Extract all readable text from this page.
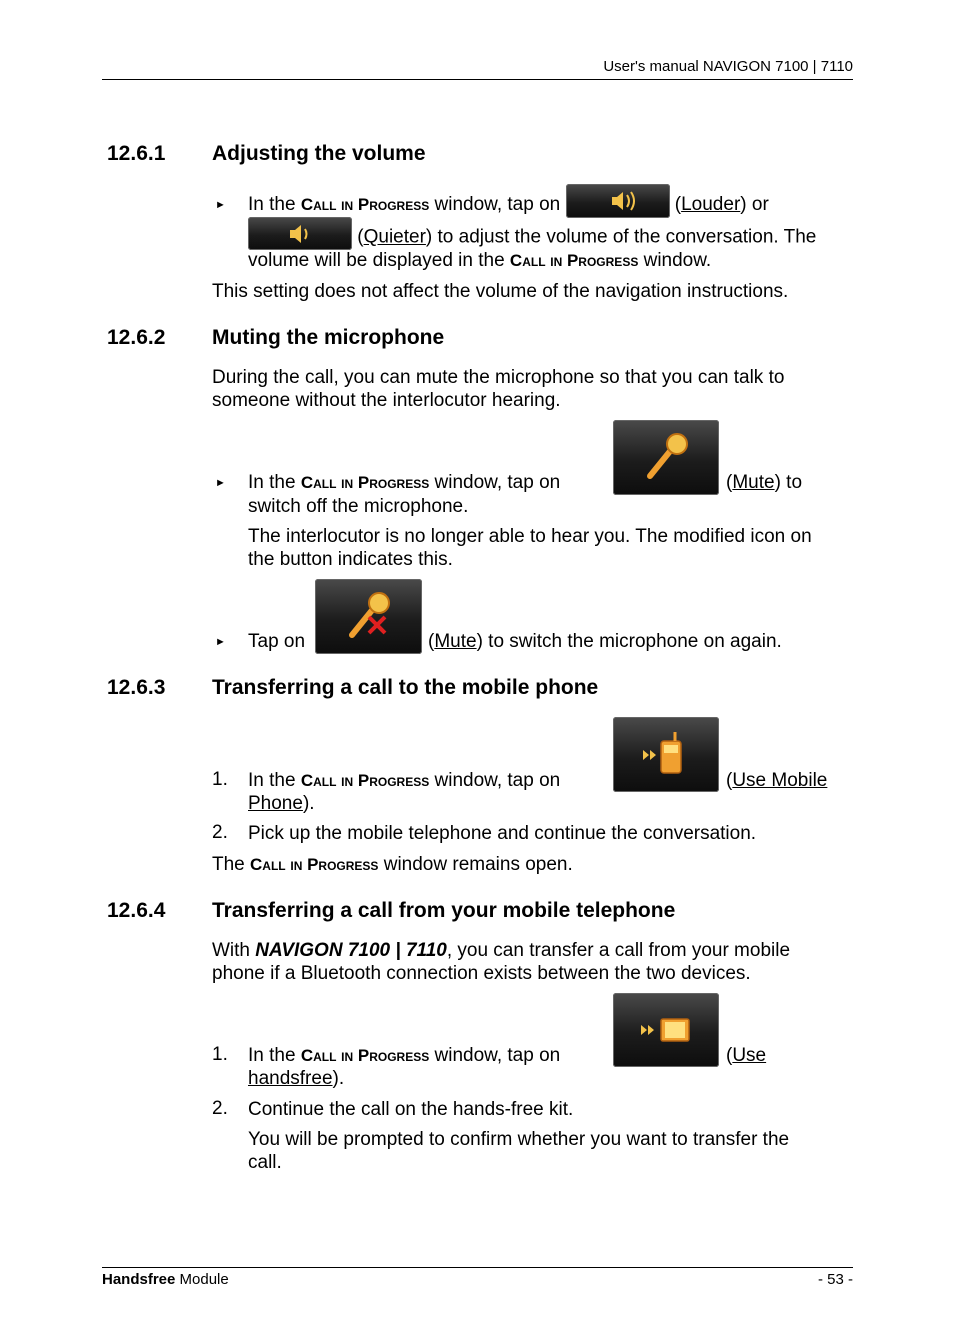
User's manual NAVIGON 7100 | 7110
12.6.1 Adjusting the volume
► In the Call in Progress window, tap on	(Louder) or
(Quieter) to adjust the volume of the conversation. The
volume will be displayed in the Call in Progress window.
This setting does not affect the volume of the navigation instructions.
12.6.2 Muting the microphone
During the call, you can mute the microphone so that you can talk to
someone without the interlocutor hearing.
► In the Call in Progress window, tap on	(Mute) to
switch off the microphone.
The interlocutor is no longer able to hear you. The modified icon on
the button indicates this.
► Tap on	(Mute) to switch the microphone on again.
12.6.3 Transferring a call to the mobile phone
1. In the Call in Progress window, tap on	(Use Mobile
Phone).
2. Pick up the mobile telephone and continue the conversation.
The Call in Progress window remains open.
12.6.4 Transferring a call from your mobile telephone
With NAVIGON 7100 | 7110, you can transfer a call from your mobile
phone if a Bluetooth connection exists between the two devices.
1. In the Call in Progress window, tap on	(Use
handsfree).
2. Continue the call on the hands-free kit.
You will be prompted to confirm whether you want to transfer the
call.
Handsfree Module	- 53 -
